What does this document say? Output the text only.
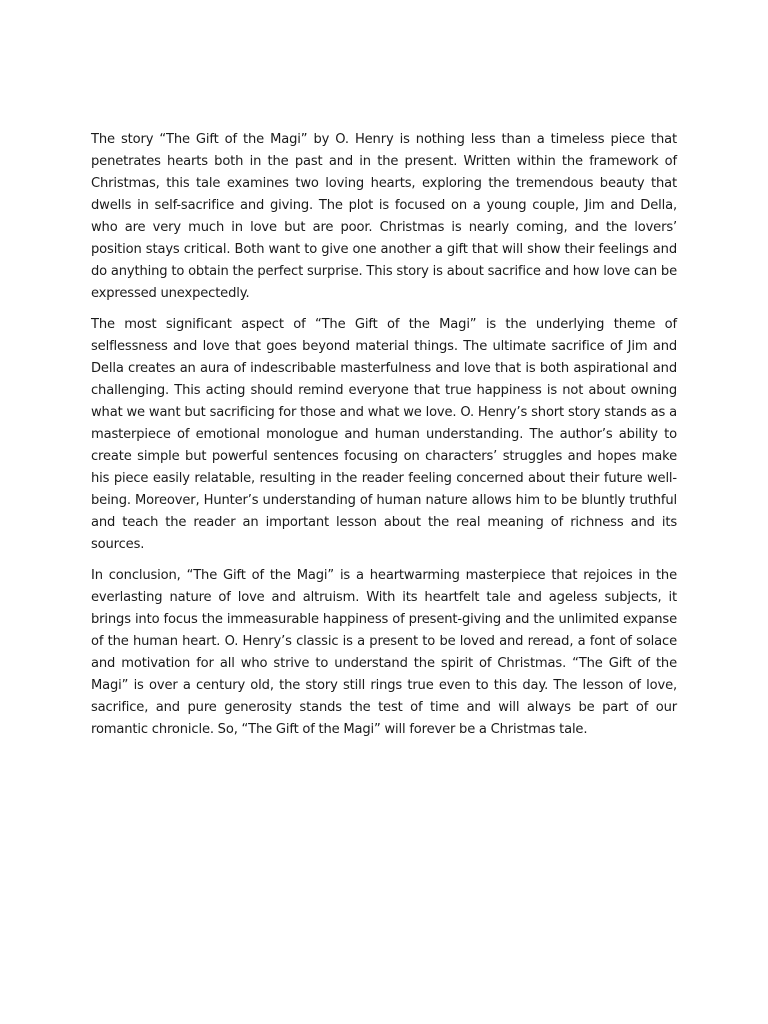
The story “The Gift of the Magi” by O. Henry is nothing less than a timeless piece that penetrates hearts both in the past and in the present. Written within the framework of Christmas, this tale examines two loving hearts, exploring the tremendous beauty that dwells in self-sacrifice and giving. The plot is focused on a young couple, Jim and Della, who are very much in love but are poor. Christmas is nearly coming, and the lovers’ position stays critical. Both want to give one another a gift that will show their feelings and do anything to obtain the perfect surprise. This story is about sacrifice and how love can be expressed unexpectedly.

The most significant aspect of “The Gift of the Magi” is the underlying theme of selflessness and love that goes beyond material things. The ultimate sacrifice of Jim and Della creates an aura of indescribable masterfulness and love that is both aspirational and challenging. This acting should remind everyone that true happiness is not about owning what we want but sacrificing for those and what we love. O. Henry’s short story stands as a masterpiece of emotional monologue and human understanding. The author’s ability to create simple but powerful sentences focusing on characters’ struggles and hopes make his piece easily relatable, resulting in the reader feeling concerned about their future well-being. Moreover, Hunter’s understanding of human nature allows him to be bluntly truthful and teach the reader an important lesson about the real meaning of richness and its sources.

In conclusion, “The Gift of the Magi” is a heartwarming masterpiece that rejoices in the everlasting nature of love and altruism. With its heartfelt tale and ageless subjects, it brings into focus the immeasurable happiness of present-giving and the unlimited expanse of the human heart. O. Henry’s classic is a present to be loved and reread, a font of solace and motivation for all who strive to understand the spirit of Christmas. “The Gift of the Magi” is over a century old, the story still rings true even to this day. The lesson of love, sacrifice, and pure generosity stands the test of time and will always be part of our romantic chronicle. So, “The Gift of the Magi” will forever be a Christmas tale.
